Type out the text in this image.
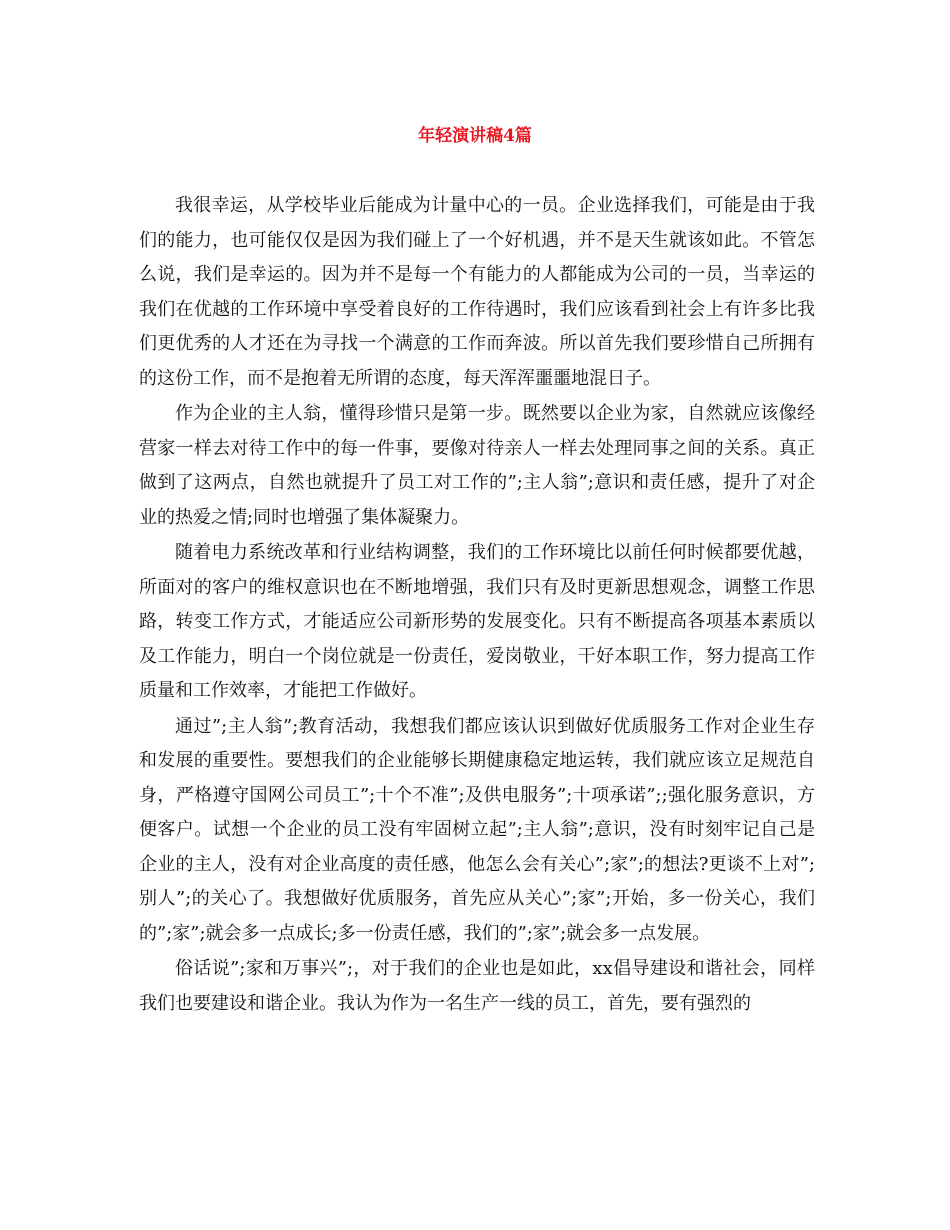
年轻演讲稿4篇

我很幸运，从学校毕业后能成为计量中心的一员。企业选择我们，可能是由于我们的能力，也可能仅仅是因为我们碰上了一个好机遇，并不是天生就该如此。不管怎么说，我们是幸运的。因为并不是每一个有能力的人都能成为公司的一员，当幸运的我们在优越的工作环境中享受着良好的工作待遇时，我们应该看到社会上有许多比我们更优秀的人才还在为寻找一个满意的工作而奔波。所以首先我们要珍惜自己所拥有的这份工作，而不是抱着无所谓的态度，每天浑浑噩噩地混日子。

作为企业的主人翁，懂得珍惜只是第一步。既然要以企业为家，自然就应该像经营家一样去对待工作中的每一件事，要像对待亲人一样去处理同事之间的关系。真正做到了这两点，自然也就提升了员工对工作的”;主人翁”;意识和责任感，提升了对企业的热爱之情;同时也增强了集体凝聚力。

随着电力系统改革和行业结构调整，我们的工作环境比以前任何时候都要优越，所面对的客户的维权意识也在不断地增强，我们只有及时更新思想观念，调整工作思路，转变工作方式，才能适应公司新形势的发展变化。只有不断提高各项基本素质以及工作能力，明白一个岗位就是一份责任，爱岗敬业，干好本职工作，努力提高工作质量和工作效率，才能把工作做好。

通过”;主人翁”;教育活动，我想我们都应该认识到做好优质服务工作对企业生存和发展的重要性。要想我们的企业能够长期健康稳定地运转，我们就应该立足规范自身，严格遵守国网公司员工”;十个不准”;及供电服务”;十项承诺”;;强化服务意识，方便客户。试想一个企业的员工没有牢固树立起”;主人翁”;意识，没有时刻牢记自己是企业的主人，没有对企业高度的责任感，他怎么会有关心”;家”;的想法?更谈不上对”;别人”;的关心了。我想做好优质服务，首先应从关心”;家”;开始，多一份关心，我们的”;家”;就会多一点成长;多一份责任感，我们的”;家”;就会多一点发展。

俗话说”;家和万事兴”;，对于我们的企业也是如此，xx倡导建设和谐社会，同样我们也要建设和谐企业。我认为作为一名生产一线的员工，首先，要有强烈的
